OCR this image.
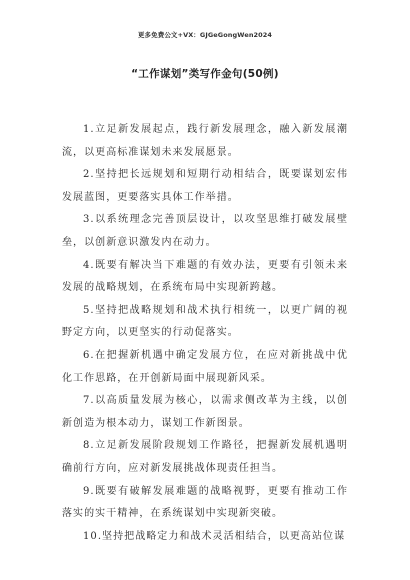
更多免费公文+VX：GJGeGongWen2024
“工作谋划”类写作金句(50例)

1.立足新发展起点，践行新发展理念，融入新发展潮流，以更高标准谋划未来发展愿景。

2.坚持把长远规划和短期行动相结合，既要谋划宏伟发展蓝图，更要落实具体工作举措。

3.以系统理念完善顶层设计，以攻坚思维打破发展壁垒，以创新意识激发内在动力。

4.既要有解决当下难题的有效办法，更要有引领未来发展的战略规划，在系统布局中实现新跨越。

5.坚持把战略规划和战术执行相统一，以更广阔的视野定方向，以更坚实的行动促落实。

6.在把握新机遇中确定发展方位，在应对新挑战中优化工作思路，在开创新局面中展现新风采。

7.以高质量发展为核心，以需求侧改革为主线，以创新创造为根本动力，谋划工作新图景。

8.立足新发展阶段规划工作路径，把握新发展机遇明确前行方向，应对新发展挑战体现责任担当。

9.既要有破解发展难题的战略视野，更要有推动工作落实的实干精神，在系统谋划中实现新突破。

10.坚持把战略定力和战术灵活相结合，以更高站位谋
